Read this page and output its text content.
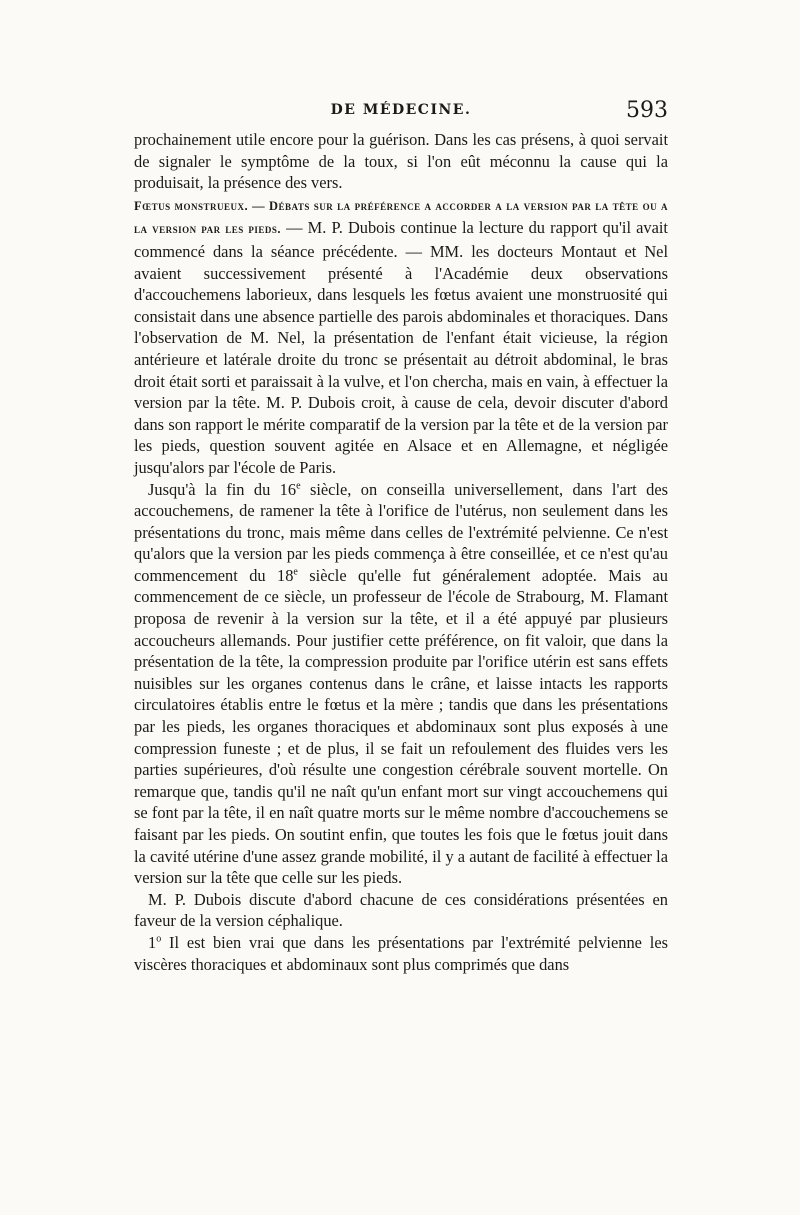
DE MÉDECINE.	593

prochainement utile encore pour la guérison. Dans les cas présens, à quoi servait de signaler le symptôme de la toux, si l'on eût méconnu la cause qui la produisait, la présence des vers.

Fœtus monstrueux. — Débats sur la préférence a accorder a la version par la tête ou a la version par les pieds. — M. P. Dubois continue la lecture du rapport qu'il avait commencé dans la séance précédente. — MM. les docteurs Montaut et Nel avaient successivement présenté à l'Académie deux observations d'accouchemens laborieux, dans lesquels les fœtus avaient une monstruosité qui consistait dans une absence partielle des parois abdominales et thoraciques. Dans l'observation de M. Nel, la présentation de l'enfant était vicieuse, la région antérieure et latérale droite du tronc se présentait au détroit abdominal, le bras droit était sorti et paraissait à la vulve, et l'on chercha, mais en vain, à effectuer la version par la tête. M. P. Dubois croit, à cause de cela, devoir discuter d'abord dans son rapport le mérite comparatif de la version par la tête et de la version par les pieds, question souvent agitée en Alsace et en Allemagne, et négligée jusqu'alors par l'école de Paris.

Jusqu'à la fin du 16e siècle, on conseilla universellement, dans l'art des accouchemens, de ramener la tête à l'orifice de l'utérus, non seulement dans les présentations du tronc, mais même dans celles de l'extrémité pelvienne. Ce n'est qu'alors que la version par les pieds commença à être conseillée, et ce n'est qu'au commencement du 18e siècle qu'elle fut généralement adoptée. Mais au commencement de ce siècle, un professeur de l'école de Strabourg, M. Flamant proposa de revenir à la version sur la tête, et il a été appuyé par plusieurs accoucheurs allemands. Pour justifier cette préférence, on fit valoir, que dans la présentation de la tête, la compression produite par l'orifice utérin est sans effets nuisibles sur les organes contenus dans le crâne, et laisse intacts les rapports circulatoires établis entre le fœtus et la mère ; tandis que dans les présentations par les pieds, les organes thoraciques et abdominaux sont plus exposés à une compression funeste ; et de plus, il se fait un refoulement des fluides vers les parties supérieures, d'où résulte une congestion cérébrale souvent mortelle. On remarque que, tandis qu'il ne naît qu'un enfant mort sur vingt accouchemens qui se font par la tête, il en naît quatre morts sur le même nombre d'accouchemens se faisant par les pieds. On soutint enfin, que toutes les fois que le fœtus jouit dans la cavité utérine d'une assez grande mobilité, il y a autant de facilité à effectuer la version sur la tête que celle sur les pieds.

M. P. Dubois discute d'abord chacune de ces considérations présentées en faveur de la version céphalique.

1$^o$ Il est bien vrai que dans les présentations par l'extrémité pelvienne les viscères thoraciques et abdominaux sont plus comprimés que dans
